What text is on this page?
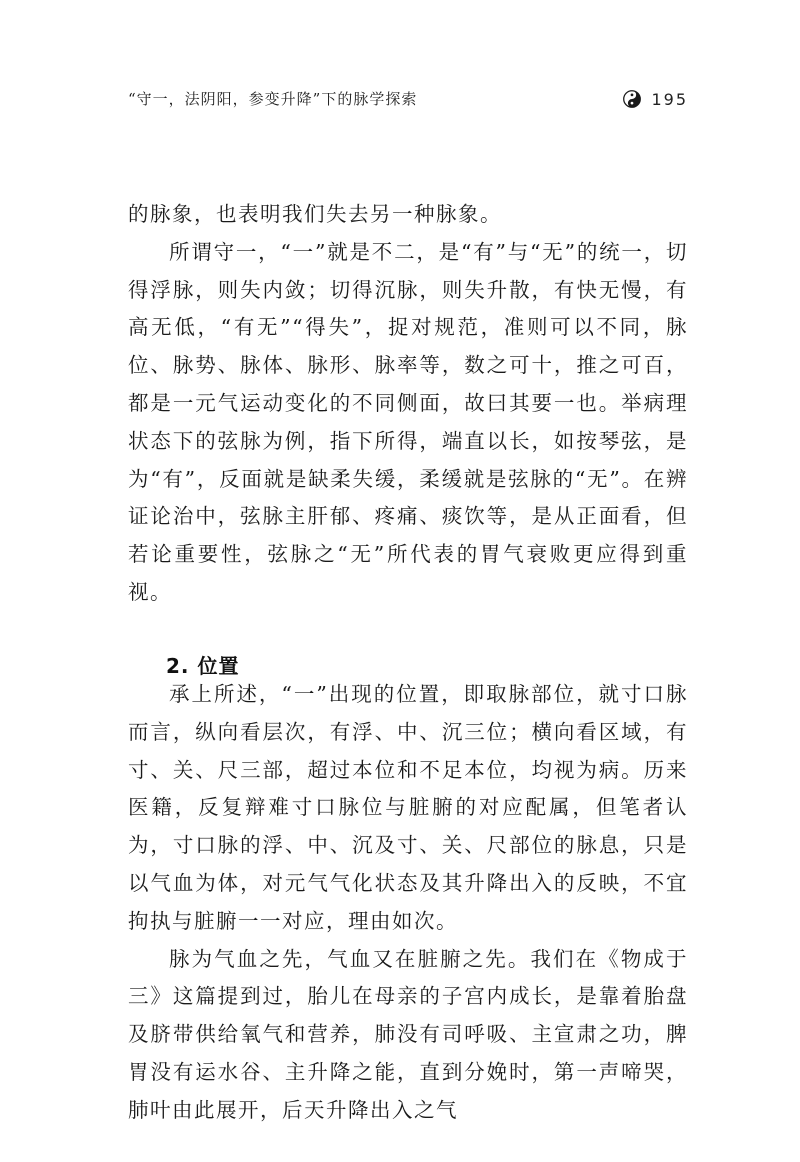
“守一，法阴阳，参变升降”下的脉学探索	195

的脉象，也表明我们失去另一种脉象。

所谓守一，“一”就是不二，是“有”与“无”的统一，切得浮脉，则失内敛；切得沉脉，则失升散，有快无慢，有高无低，“有无”“得失”，捉对规范，准则可以不同，脉位、脉势、脉体、脉形、脉率等，数之可十，推之可百，都是一元气运动变化的不同侧面，故曰其要一也。举病理状态下的弦脉为例，指下所得，端直以长，如按琴弦，是为“有”，反面就是缺柔失缓，柔缓就是弦脉的“无”。在辨证论治中，弦脉主肝郁、疼痛、痰饮等，是从正面看，但若论重要性，弦脉之“无”所代表的胃气衰败更应得到重视。

2. 位置

承上所述，“一”出现的位置，即取脉部位，就寸口脉而言，纵向看层次，有浮、中、沉三位；横向看区域，有寸、关、尺三部，超过本位和不足本位，均视为病。历来医籍，反复辩难寸口脉位与脏腑的对应配属，但笔者认为，寸口脉的浮、中、沉及寸、关、尺部位的脉息，只是以气血为体，对元气气化状态及其升降出入的反映，不宜拘执与脏腑一一对应，理由如次。

脉为气血之先，气血又在脏腑之先。我们在《物成于三》这篇提到过，胎儿在母亲的子宫内成长，是靠着胎盘及脐带供给氧气和营养，肺没有司呼吸、主宣肃之功，脾胃没有运水谷、主升降之能，直到分娩时，第一声啼哭，肺叶由此展开，后天升降出入之气
